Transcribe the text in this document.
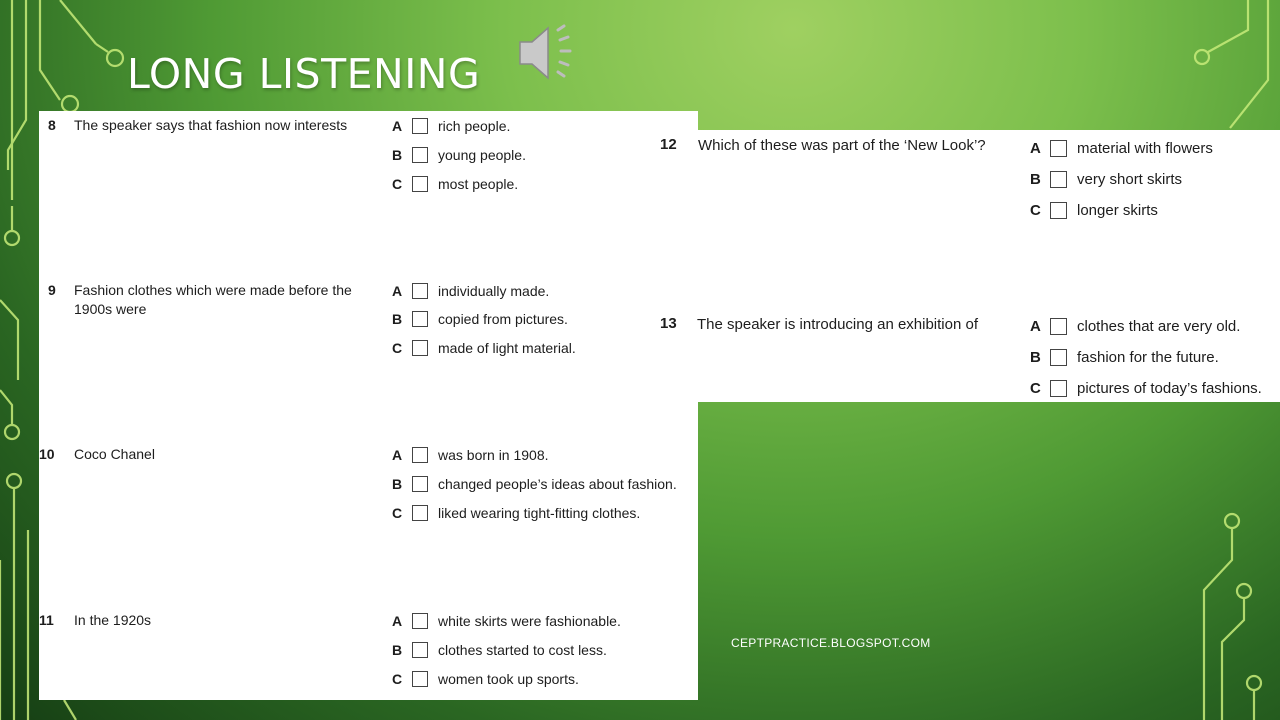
LONG LISTENING
8 The speaker says that fashion now interests	A	rich people.
B	young people.
C	most people.
9 Fashion clothes which were made before the 1900s were
A	individually made.
B	copied from pictures.
C	made of light material.
10 Coco Chanel	A	was born in 1908.
B	changed people’s ideas about fashion.
C	liked wearing tight-fitting clothes.
11 In the 1920s	A	white skirts were fashionable.
B	clothes started to cost less.
C	women took up sports.
12 Which of these was part of the ‘New Look’?	A	material with flowers
B	very short skirts
C	longer skirts
13 The speaker is introducing an exhibition of	A	clothes that are very old.
B	fashion for the future.
C	pictures of today’s fashions.
CEPTPRACTICE.BLOGSPOT.COM
